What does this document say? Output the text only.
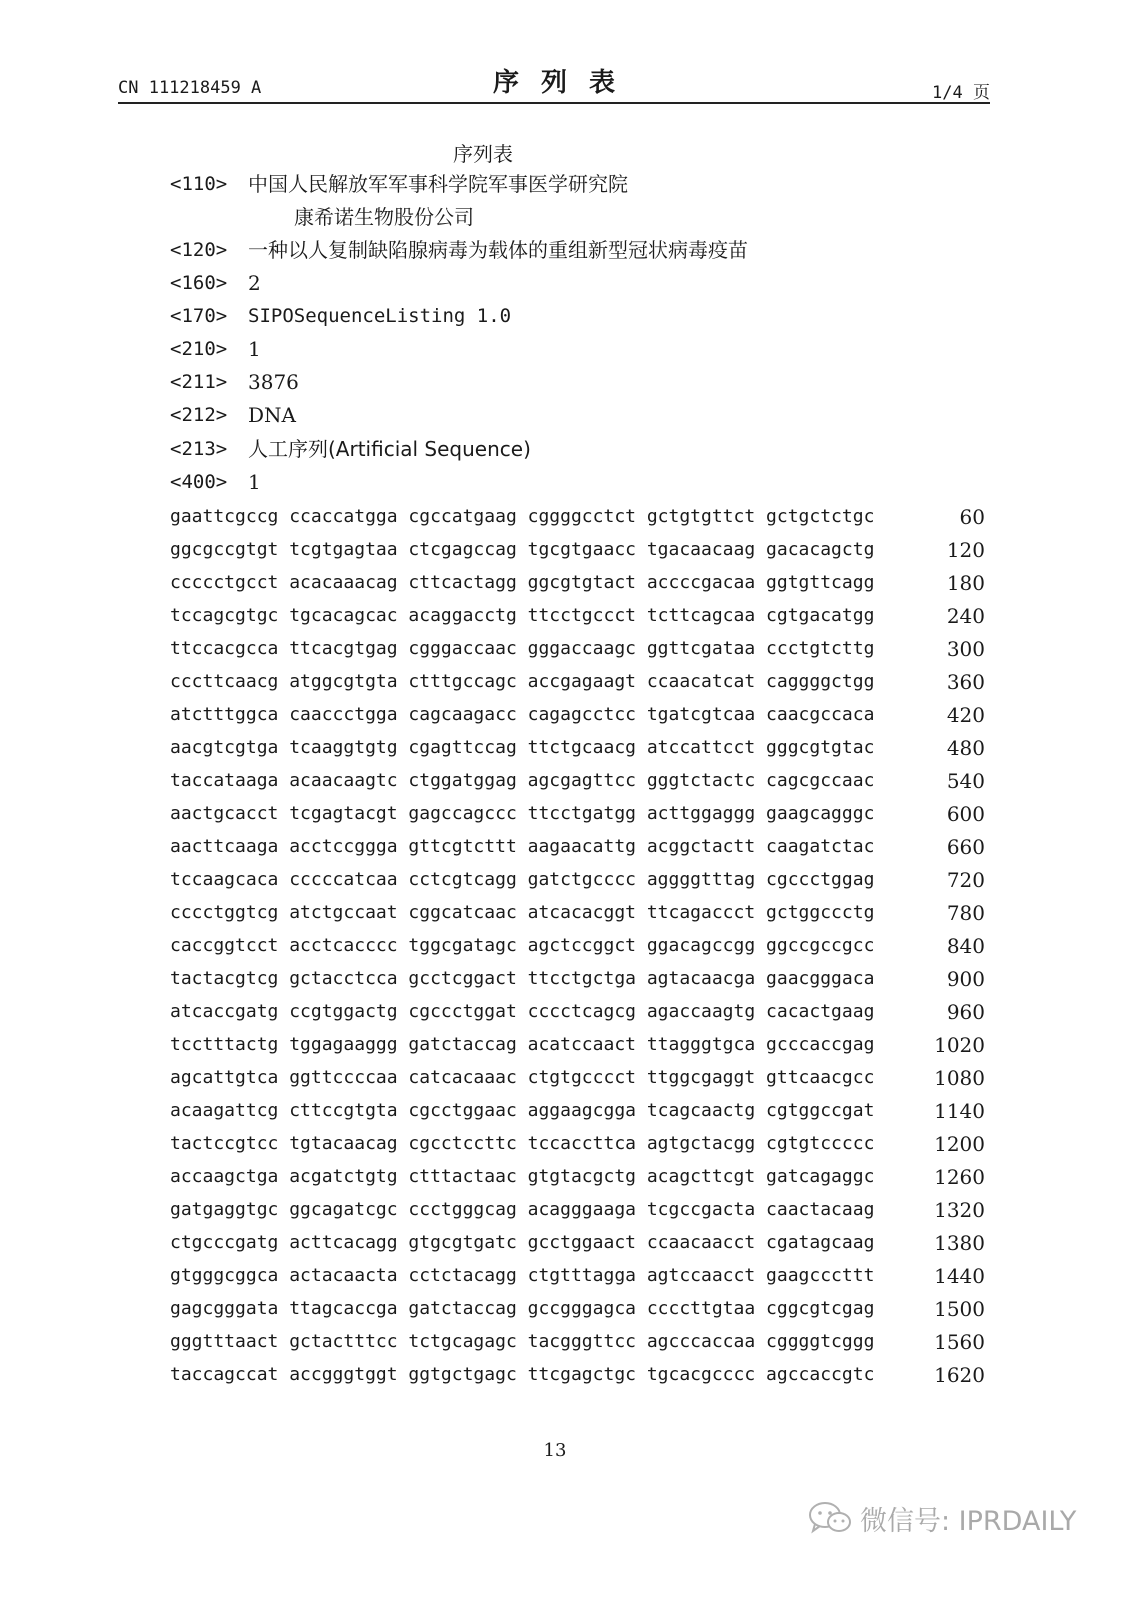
CN 111218459 A	序列表	1/4 页
序列表
<110>	中国人民解放军军事科学院军事医学研究院
康希诺生物股份公司
<120>	一种以人复制缺陷腺病毒为载体的重组新型冠状病毒疫苗
<160>	2
<170>	SIPOSequenceListing 1.0
<210>	1
<211>	3876
<212>	DNA
<213>	人工序列(Artificial Sequence)
<400>	1
gaattcgccg ccaccatgga cgccatgaag cggggcctct gctgtgttct gctgctctgc	60
ggcgccgtgt tcgtgagtaa ctcgagccag tgcgtgaacc tgacaacaag gacacagctg	120
ccccctgcct acacaaacag cttcactagg ggcgtgtact accccgacaa ggtgttcagg	180
tccagcgtgc tgcacagcac acaggacctg ttcctgccct tcttcagcaa cgtgacatgg	240
ttccacgcca ttcacgtgag cgggaccaac gggaccaagc ggttcgataa ccctgtcttg	300
cccttcaacg atggcgtgta ctttgccagc accgagaagt ccaacatcat caggggctgg	360
atctttggca caaccctgga cagcaagacc cagagcctcc tgatcgtcaa caacgccaca	420
aacgtcgtga tcaaggtgtg cgagttccag ttctgcaacg atccattcct gggcgtgtac	480
taccataaga acaacaagtc ctggatggag agcgagttcc gggtctactc cagcgccaac	540
aactgcacct tcgagtacgt gagccagccc ttcctgatgg acttggaggg gaagcagggc	600
aacttcaaga acctccggga gttcgtcttt aagaacattg acggctactt caagatctac	660
tccaagcaca cccccatcaa cctcgtcagg gatctgcccc aggggtttag cgccctggag	720
cccctggtcg atctgccaat cggcatcaac atcacacggt ttcagaccct gctggccctg	780
caccggtcct acctcacccc tggcgatagc agctccggct ggacagccgg ggccgccgcc	840
tactacgtcg gctacctcca gcctcggact ttcctgctga agtacaacga gaacgggaca	900
atcaccgatg ccgtggactg cgccctggat cccctcagcg agaccaagtg cacactgaag	960
tcctttactg tggagaaggg gatctaccag acatccaact ttagggtgca gcccaccgag	1020
agcattgtca ggttccccaa catcacaaac ctgtgcccct ttggcgaggt gttcaacgcc	1080
acaagattcg cttccgtgta cgcctggaac aggaagcgga tcagcaactg cgtggccgat	1140
tactccgtcc tgtacaacag cgcctccttc tccaccttca agtgctacgg cgtgtccccc	1200
accaagctga acgatctgtg ctttactaac gtgtacgctg acagcttcgt gatcagaggc	1260
gatgaggtgc ggcagatcgc ccctgggcag acagggaaga tcgccgacta caactacaag	1320
ctgcccgatg acttcacagg gtgcgtgatc gcctggaact ccaacaacct cgatagcaag	1380
gtgggcggca actacaacta cctctacagg ctgtttagga agtccaacct gaagcccttt	1440
gagcgggata ttagcaccga gatctaccag gccgggagca ccccttgtaa cggcgtcgag	1500
gggtttaact gctactttcc tctgcagagc tacgggttcc agcccaccaa cggggtcggg	1560
taccagccat accgggtggt ggtgctgagc ttcgagctgc tgcacgcccc agccaccgtc	1620
13
微信号: IPRDAILY
